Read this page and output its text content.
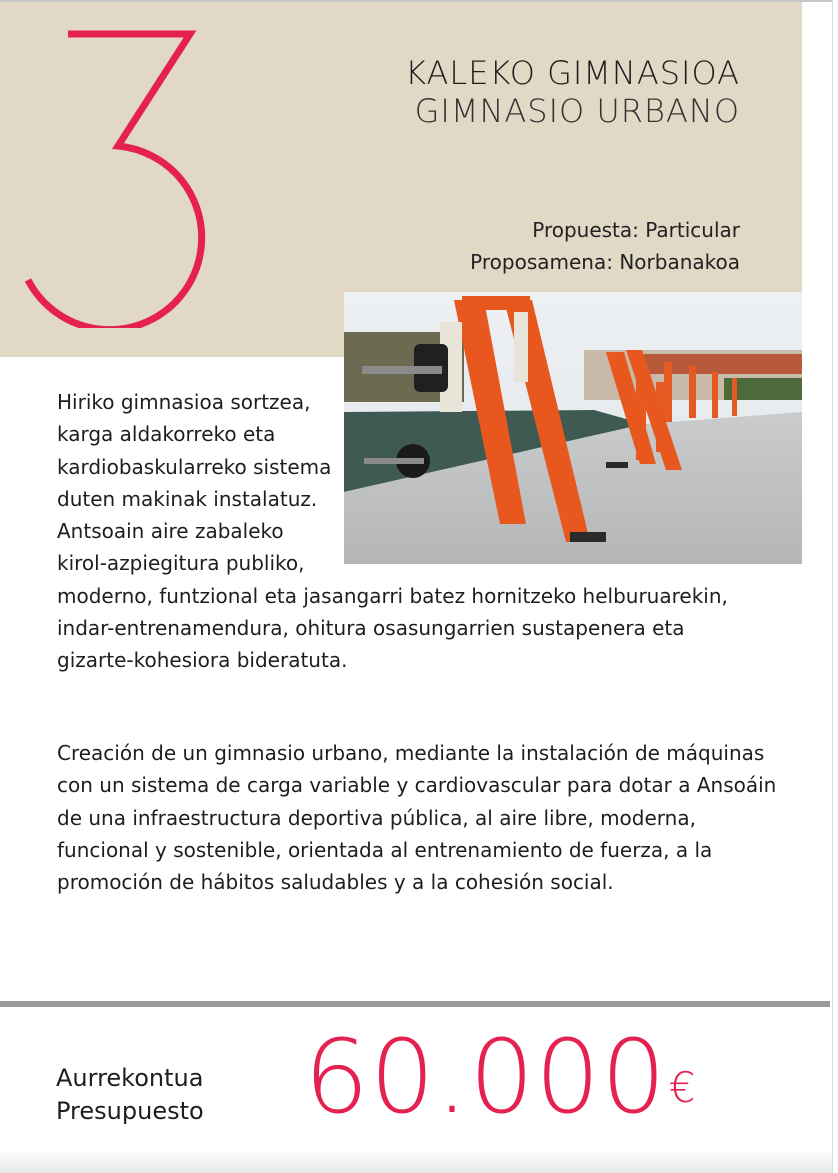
KALEKO GIMNASIOA
GIMNASIO URBANO
Propuesta: Particular
Proposamena: Norbanakoa
Hiriko gimnasioa sortzea, karga aldakorreko eta kardiobaskularreko sistema duten makinak instalatuz. Antsoain aire zabaleko kirol-azpiegitura publiko, moderno, funtzional eta jasangarri batez hornitzeko helburuarekin, indar-entrenamendura, ohitura osasungarrien sustapenera eta gizarte-kohesiora bideratuta.
Creación de un gimnasio urbano, mediante la instalación de máquinas con un sistema de carga variable y cardiovascular para dotar a Ansoáin de una infraestructura deportiva pública, al aire libre, moderna, funcional y sostenible, orientada al entrenamiento de fuerza, a la promoción de hábitos saludables y a la cohesión social.
Aurrekontua
Presupuesto 60.000€
